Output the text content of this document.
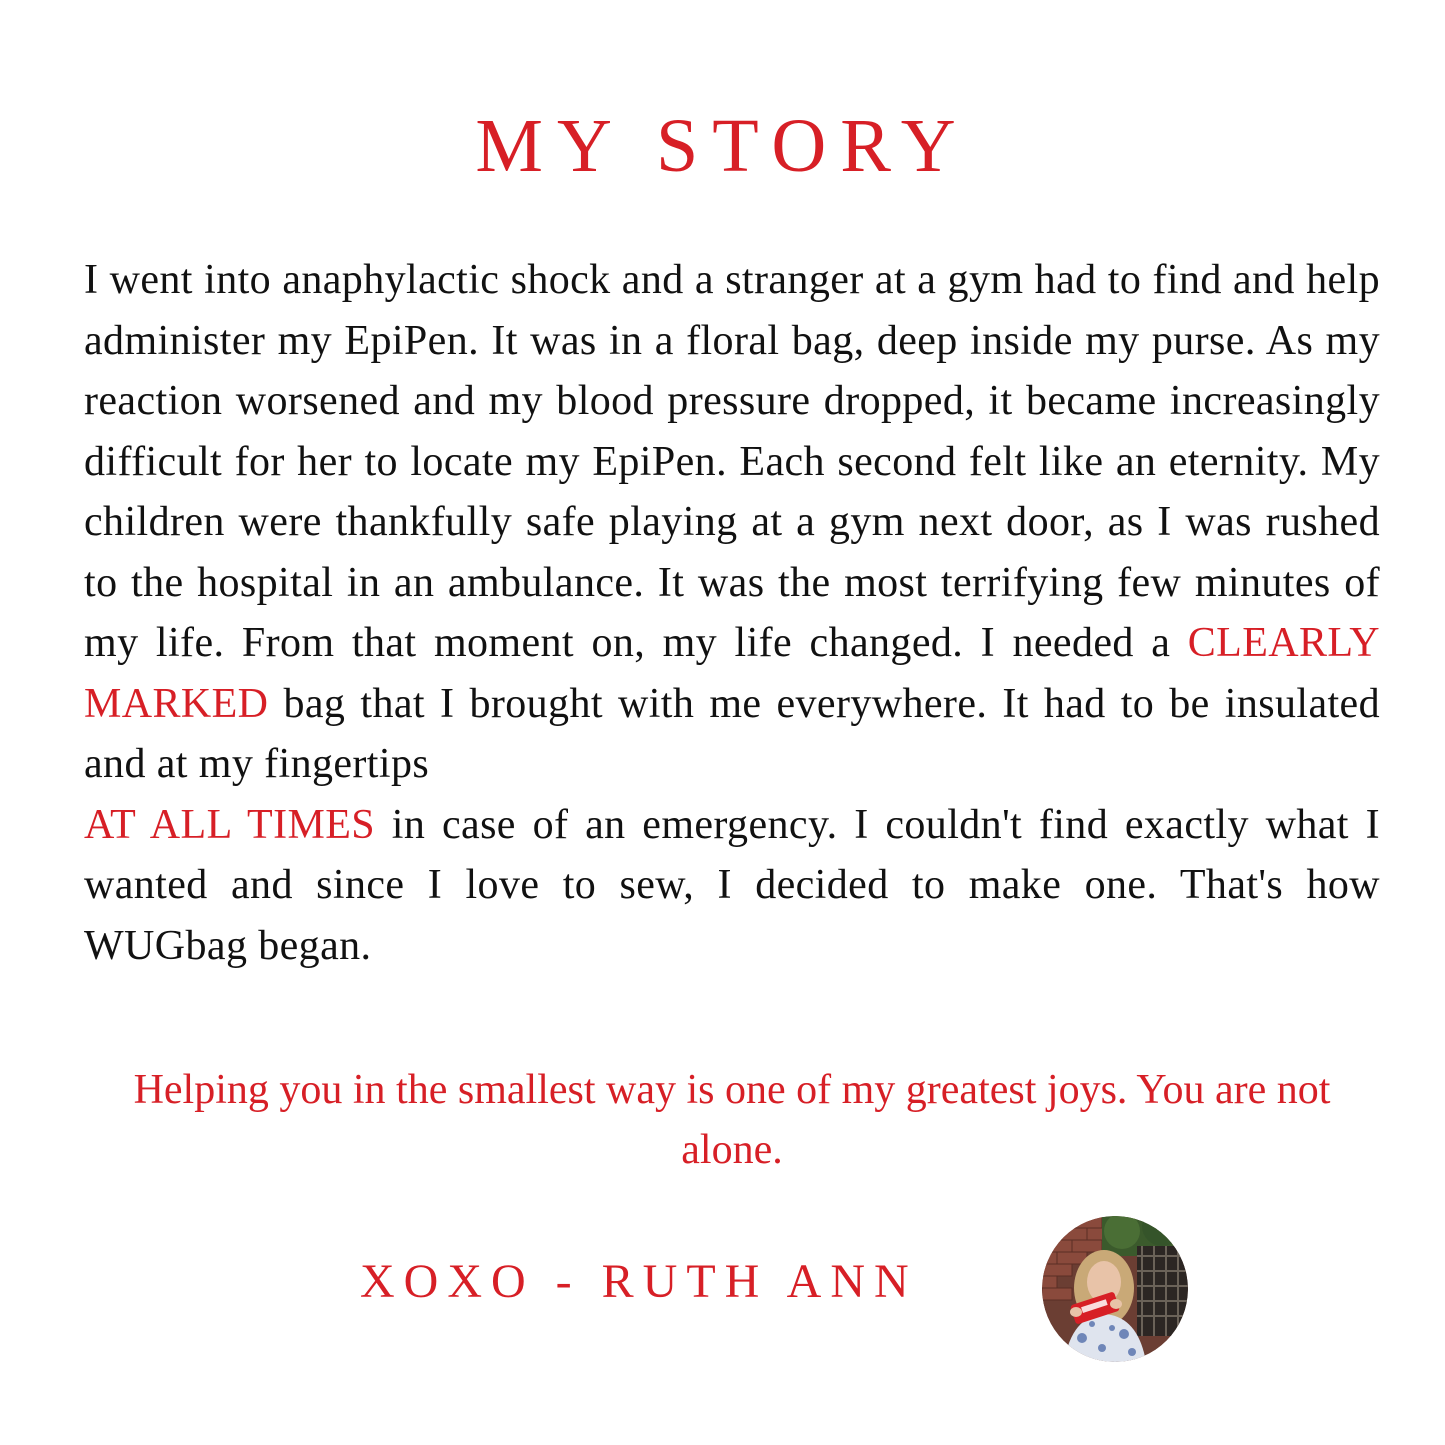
MY STORY

I went into anaphylactic shock and a stranger at a gym had to find and help administer my EpiPen. It was in a floral bag, deep inside my purse. As my reaction worsened and my blood pressure dropped, it became increasingly difficult for her to locate my EpiPen. Each second felt like an eternity. My children were thankfully safe playing at a gym next door, as I was rushed to the hospital in an ambulance. It was the most terrifying few minutes of my life. From that moment on, my life changed. I needed a CLEARLY MARKED bag that I brought with me everywhere. It had to be insulated and at my fingertips
AT ALL TIMES in case of an emergency. I couldn't find exactly what I wanted and since I love to sew, I decided to make one. That's how WUGbag began.

Helping you in the smallest way is one of my greatest joys. You are not alone.

XOXO - RUTH ANN
